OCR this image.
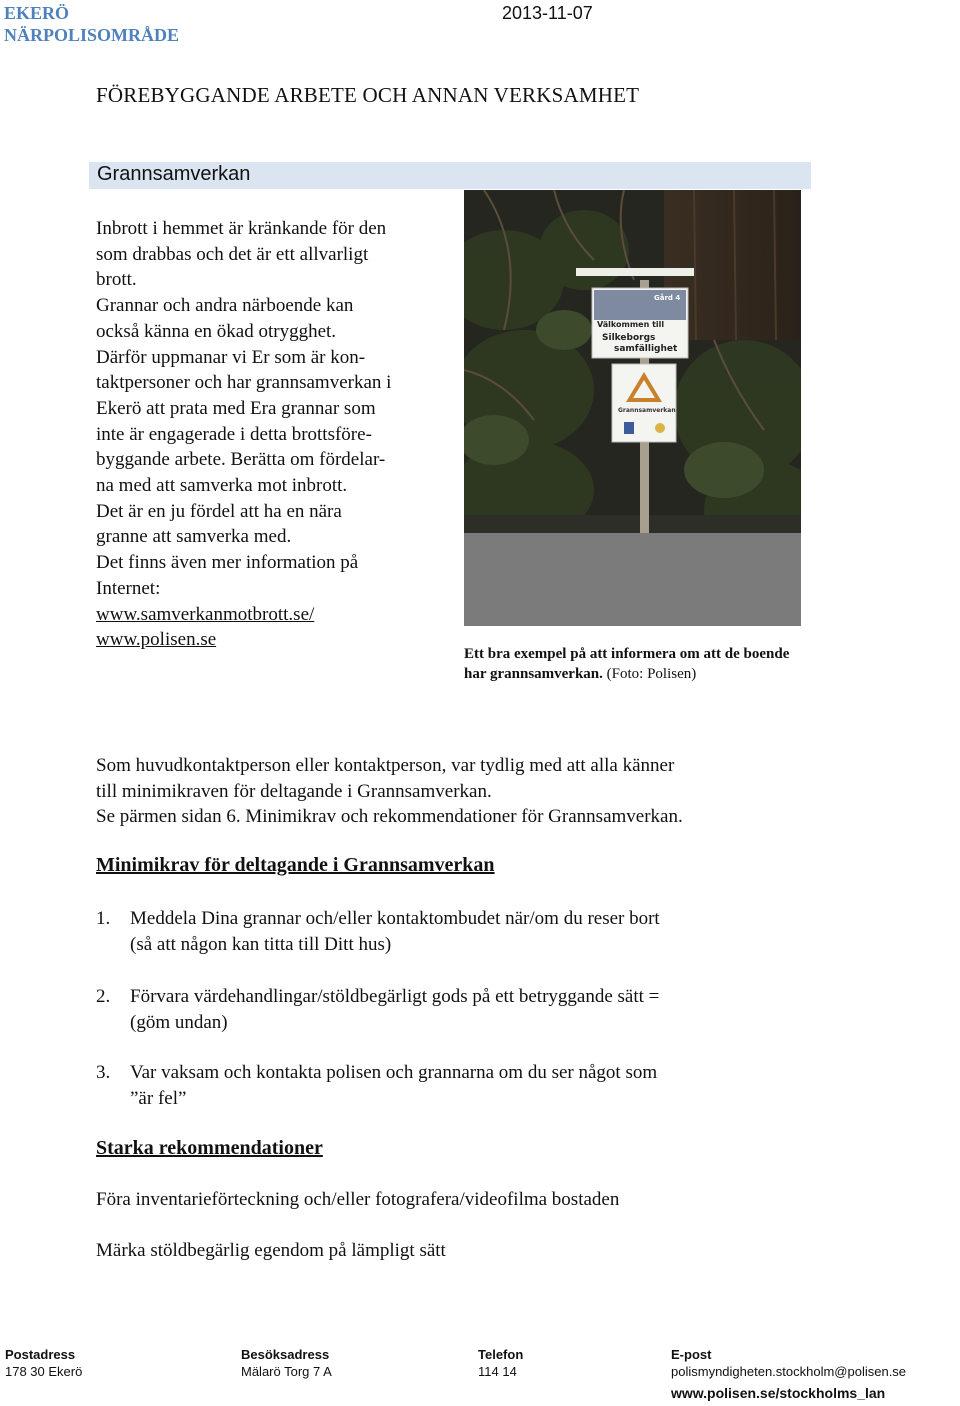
EKERÖ
NÄRPOLISOMRÅDE
2013-11-07
FÖREBYGGANDE ARBETE OCH ANNAN VERKSAMHET
Grannsamverkan

Inbrott i hemmet är kränkande för den

som drabbas och det är ett allvarligt

brott.

Grannar och andra närboende kan

också känna en ökad otrygghet.

Därför uppmanar vi Er som är kon-

taktpersoner och har grannsamverkan i

Ekerö att prata med Era grannar som

inte är engagerade i detta brottsföre-

byggande arbete. Berätta om fördelar-

na med att samverka mot inbrott.

Det är en ju fördel att ha en nära

granne att samverka med.

Det finns även mer information på

Internet:

www.samverkanmotbrott.se/

www.polisen.se

Gård 4
Välkommen till
Silkeborgs
samfällighet
Grannsamverkan
Ett bra exempel på att informera om att de boende har grannsamverkan. (Foto: Polisen)

Som huvudkontaktperson eller kontaktperson, var tydlig med att alla känner

till minimikraven för deltagande i Grannsamverkan.

Se pärmen sidan 6. Minimikrav och rekommendationer för Grannsamverkan.

Minimikrav för deltagande i Grannsamverkan
1. Meddela Dina grannar och/eller kontaktombudet när/om du reser bort
(så att någon kan titta till Ditt hus)
2. Förvara värdehandlingar/stöldbegärligt gods på ett betryggande sätt =
(göm undan)
3. Var vaksam och kontakta polisen och grannarna om du ser något som
”är fel”
Starka rekommendationer
Föra inventarieförteckning och/eller fotografera/videofilma bostaden
Märka stöldbegärlig egendom på lämpligt sätt
Postadress
178 30 Ekerö
Besöksadress
Mälarö Torg 7 A
Telefon
114 14
E-post
polismyndigheten.stockholm@polisen.se
www.polisen.se/stockholms_lan
